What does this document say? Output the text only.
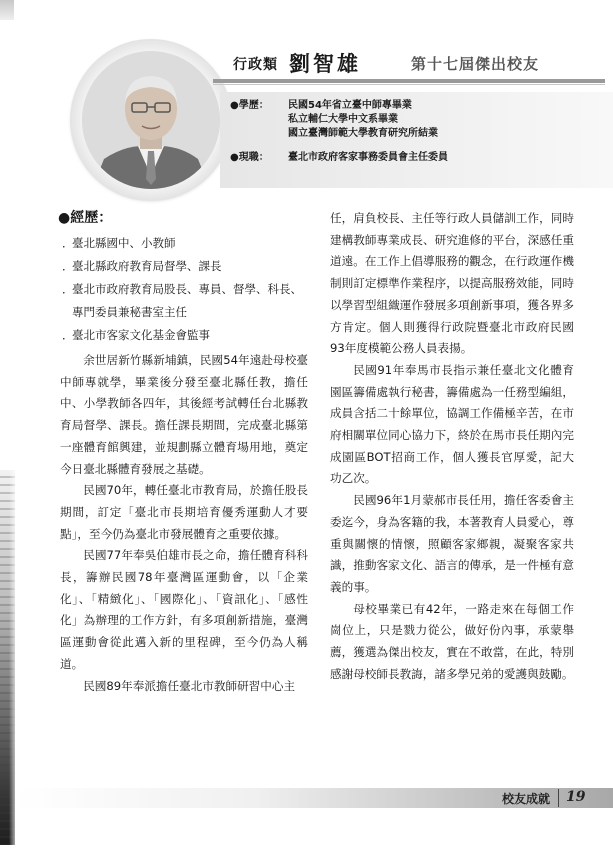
行政類 劉智雄	第十七屆傑出校友
●學歷： 民國54年省立臺中師專畢業
私立輔仁大學中文系畢業
國立臺灣師範大學教育研究所結業
●現職： 臺北市政府客家事務委員會主任委員
●經歷：
．
臺北縣國中、小教師
．
臺北縣政府教育局督學、課長
．
臺北市政府教育局股長、專員、督學、科長、專門委員兼秘書室主任
．
臺北市客家文化基金會監事

余世居新竹縣新埔鎮，民國54年遠赴母校臺中師專就學，畢業後分發至臺北縣任教，擔任中、小學教師各四年，其後經考試轉任台北縣教育局督學、課長。擔任課長期間，完成臺北縣第一座體育館興建，並規劃縣立體育場用地，奠定今日臺北縣體育發展之基礎。

民國70年，轉任臺北市教育局，於擔任股長期間，訂定「臺北市長期培育優秀運動人才要點」，至今仍為臺北市發展體育之重要依據。

民國77年奉吳伯雄市長之命，擔任體育科科長，籌辦民國78年臺灣區運動會，以「企業化」、「精緻化」、「國際化」、「資訊化」、「感性化」為辦理的工作方針，有多項創新措施，臺灣區運動會從此邁入新的里程碑，至今仍為人稱道。

民國89年奉派擔任臺北市教師研習中心主

任，肩負校長、主任等行政人員儲訓工作，同時建構教師專業成長、研究進修的平台，深感任重道遠。在工作上倡導服務的觀念，在行政運作機制則訂定標準作業程序，以提高服務效能，同時以學習型組織運作發展多項創新事項，獲各界多方肯定。個人則獲得行政院暨臺北市政府民國93年度模範公務人員表揚。

民國91年奉馬市長指示兼任臺北文化體育園區籌備處執行秘書，籌備處為一任務型編組，成員含括二十餘單位，協調工作備極辛苦，在市府相關單位同心協力下，終於在馬市長任期內完成園區BOT招商工作，個人獲長官厚愛，記大功乙次。

民國96年1月蒙郝市長任用，擔任客委會主委迄今，身為客籍的我，本著教育人員愛心，尊重與關懷的情懷，照顧客家鄉親，凝聚客家共識，推動客家文化、語言的傳承，是一件極有意義的事。

母校畢業已有42年，一路走來在每個工作崗位上，只是戮力從公，做好份內事，承蒙舉薦，獲選為傑出校友，實在不敢當，在此，特別感謝母校師長教誨，諸多學兄弟的愛護與鼓勵。

校友成就 19
